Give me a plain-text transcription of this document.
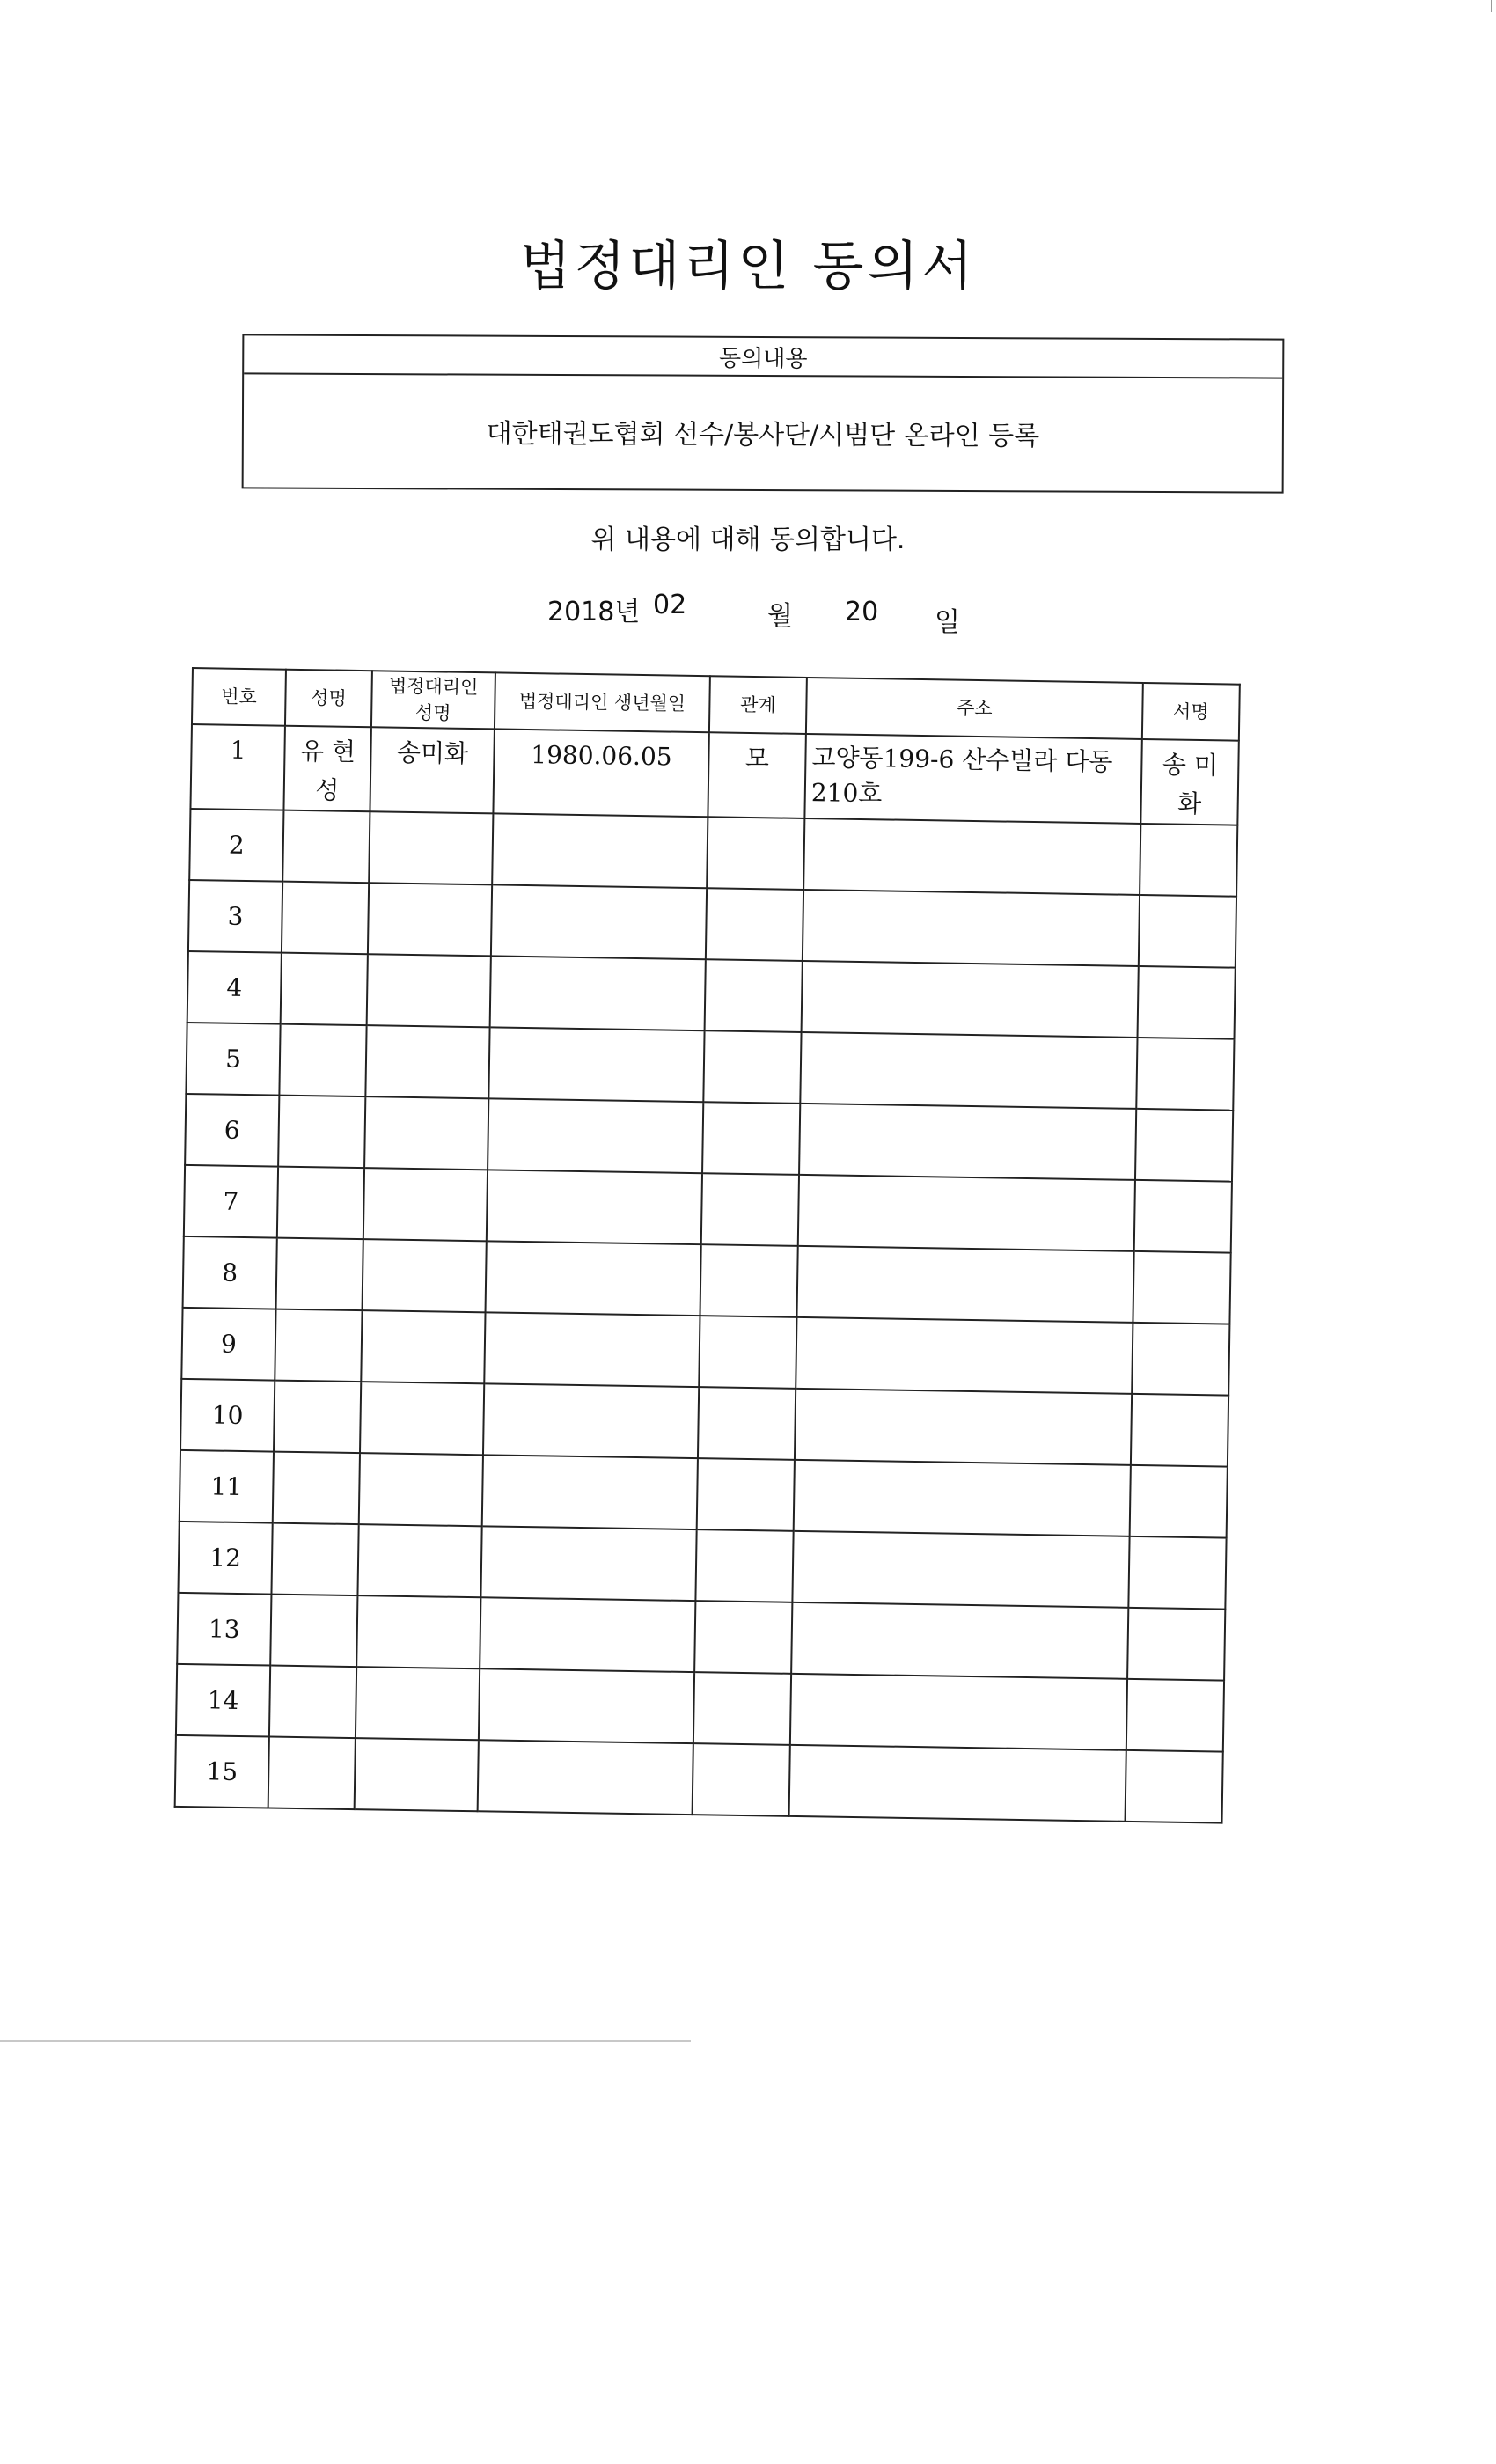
법정대리인 동의서
동의내용
대한태권도협회 선수/봉사단/시범단 온라인 등록
위 내용에 대해 동의합니다.
2018년 02	월 20 일
번호	성명	법정대리인 성명	법정대리인 생년월일	관계	주소	서명
1	유 현 성	송미화	1980.06.05	모	고양동199-6 산수빌라 다동210호	송 미 화
2						
3						
4						
5						
6						
7						
8						
9						
10						
11						
12						
13						
14						
15						
